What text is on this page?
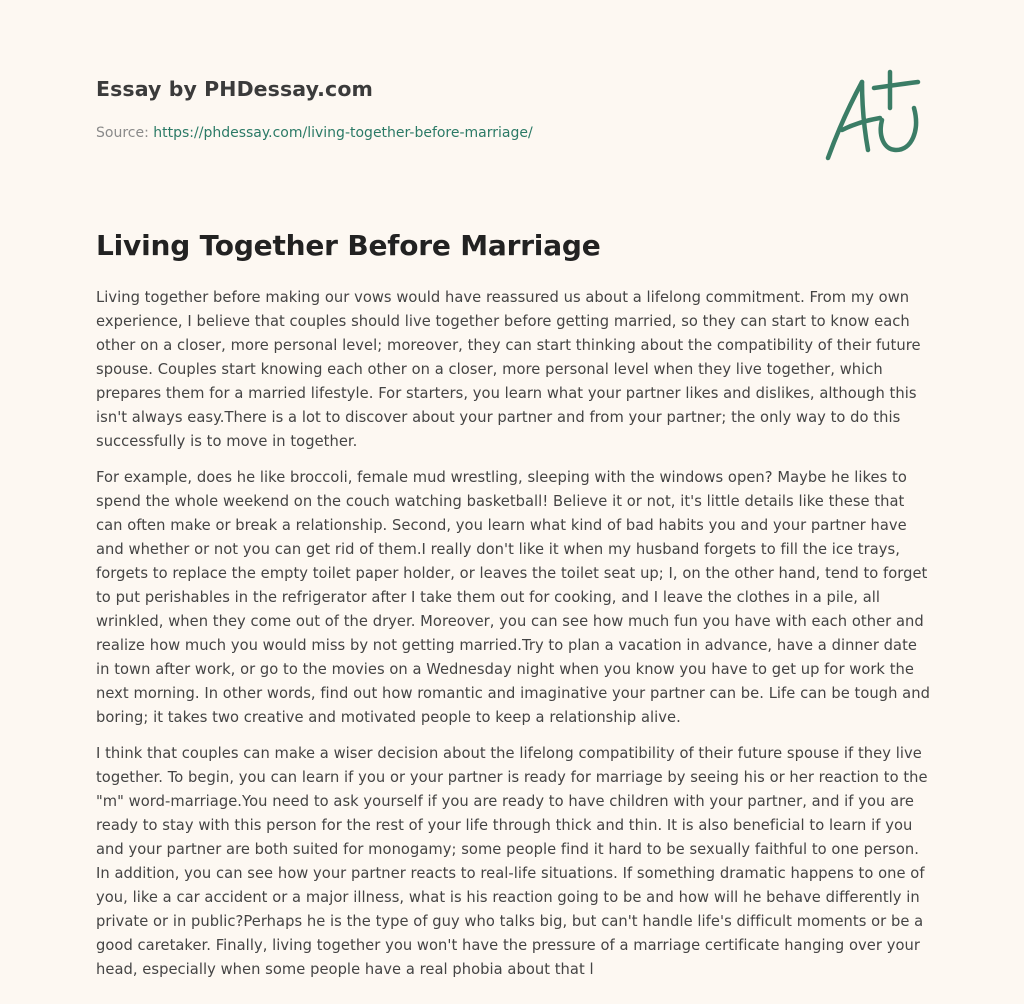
Essay by PHDessay.com
Source: https://phdessay.com/living-together-before-marriage/
Living Together Before Marriage

Living together before making our vows would have reassured us about a lifelong commitment. From my own experience, I believe that couples should live together before getting married, so they can start to know each other on a closer, more personal level; moreover, they can start thinking about the compatibility of their future spouse. Couples start knowing each other on a closer, more personal level when they live together, which prepares them for a married lifestyle. For starters, you learn what your partner likes and dislikes, although this isn't always easy.There is a lot to discover about your partner and from your partner; the only way to do this successfully is to move in together.

For example, does he like broccoli, female mud wrestling, sleeping with the windows open? Maybe he likes to spend the whole weekend on the couch watching basketball! Believe it or not, it's little details like these that can often make or break a relationship. Second, you learn what kind of bad habits you and your partner have and whether or not you can get rid of them.I really don't like it when my husband forgets to fill the ice trays, forgets to replace the empty toilet paper holder, or leaves the toilet seat up; I, on the other hand, tend to forget to put perishables in the refrigerator after I take them out for cooking, and I leave the clothes in a pile, all wrinkled, when they come out of the dryer. Moreover, you can see how much fun you have with each other and realize how much you would miss by not getting married.Try to plan a vacation in advance, have a dinner date in town after work, or go to the movies on a Wednesday night when you know you have to get up for work the next morning. In other words, find out how romantic and imaginative your partner can be. Life can be tough and boring; it takes two creative and motivated people to keep a relationship alive.

I think that couples can make a wiser decision about the lifelong compatibility of their future spouse if they live together. To begin, you can learn if you or your partner is ready for marriage by seeing his or her reaction to the "m" word-marriage.You need to ask yourself if you are ready to have children with your partner, and if you are ready to stay with this person for the rest of your life through thick and thin. It is also beneficial to learn if you and your partner are both suited for monogamy; some people find it hard to be sexually faithful to one person. In addition, you can see how your partner reacts to real-life situations. If something dramatic happens to one of you, like a car accident or a major illness, what is his reaction going to be and how will he behave differently in private or in public?Perhaps he is the type of guy who talks big, but can't handle life's difficult moments or be a good caretaker. Finally, living together you won't have the pressure of a marriage certificate hanging over your head, especially when some people have a real phobia about that l
